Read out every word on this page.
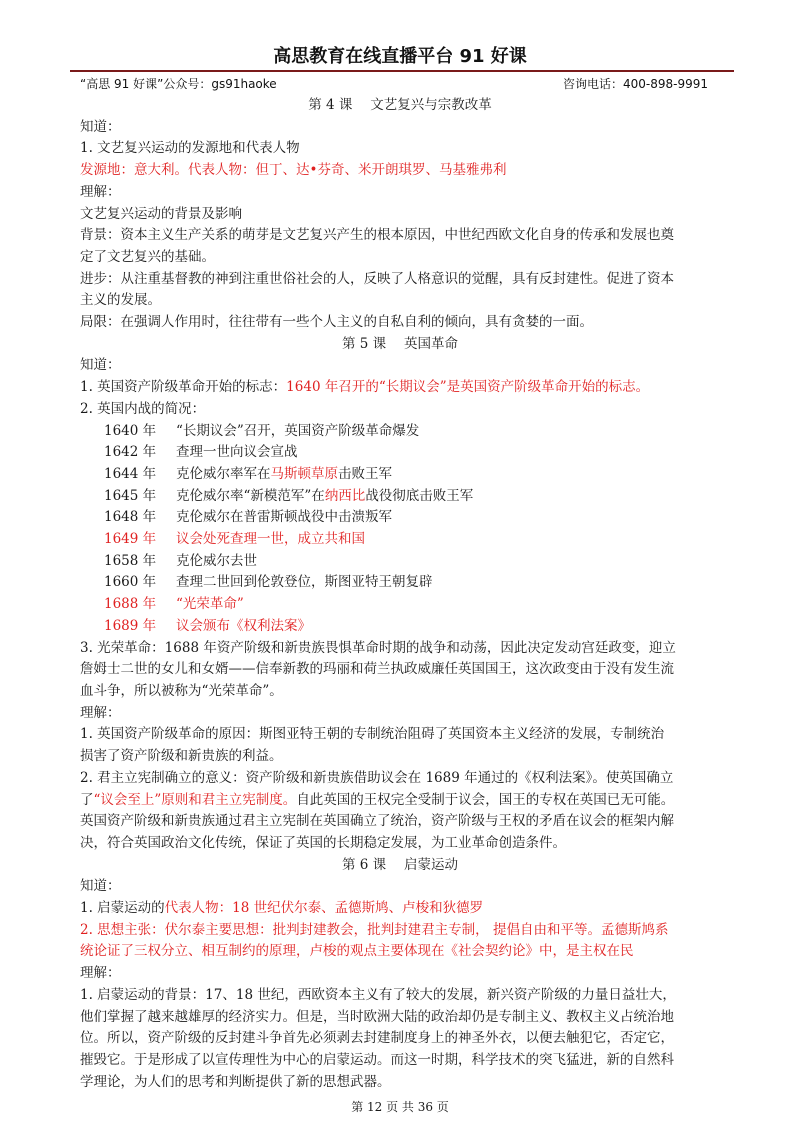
高思教育在线直播平台 91 好课
“高思 91 好课”公众号：gs91haoke	咨询电话：400-898-9991

第 4 课　 文艺复兴与宗教改革

知道：

1. 文艺复兴运动的发源地和代表人物

发源地：意大利。代表人物：但丁、达•芬奇、米开朗琪罗、马基雅弗利

理解：

文艺复兴运动的背景及影响

背景：资本主义生产关系的萌芽是文艺复兴产生的根本原因，中世纪西欧文化自身的传承和发展也奠

定了文艺复兴的基础。

进步：从注重基督教的神到注重世俗社会的人，反映了人格意识的觉醒，具有反封建性。促进了资本

主义的发展。

局限：在强调人作用时，往往带有一些个人主义的自私自利的倾向，具有贪婪的一面。

第 5 课　 英国革命

知道：

1. 英国资产阶级革命开始的标志：1640 年召开的“长期议会”是英国资产阶级革命开始的标志。

2. 英国内战的简况：

1640 年	“长期议会”召开，英国资产阶级革命爆发
1642 年	查理一世向议会宣战
1644 年	克伦威尔率军在马斯顿草原击败王军
1645 年	克伦威尔率“新模范军”在纳西比战役彻底击败王军
1648 年	克伦威尔在普雷斯顿战役中击溃叛军
1649 年	议会处死查理一世，成立共和国
1658 年	克伦威尔去世
1660 年	查理二世回到伦敦登位，斯图亚特王朝复辟
1688 年	“光荣革命”
1689 年	议会颁布《权利法案》

3. 光荣革命：1688 年资产阶级和新贵族畏惧革命时期的战争和动荡，因此决定发动宫廷政变，迎立

詹姆士二世的女儿和女婿——信奉新教的玛丽和荷兰执政威廉任英国国王，这次政变由于没有发生流

血斗争，所以被称为“光荣革命”。

理解：

1. 英国资产阶级革命的原因：斯图亚特王朝的专制统治阻碍了英国资本主义经济的发展，专制统治

损害了资产阶级和新贵族的利益。

2. 君主立宪制确立的意义：资产阶级和新贵族借助议会在 1689 年通过的《权利法案》。使英国确立

了“议会至上”原则和君主立宪制度。自此英国的王权完全受制于议会，国王的专权在英国已无可能。

英国资产阶级和新贵族通过君主立宪制在英国确立了统治，资产阶级与王权的矛盾在议会的框架内解

决，符合英国政治文化传统，保证了英国的长期稳定发展，为工业革命创造条件。

第 6 课　 启蒙运动

知道：

1. 启蒙运动的代表人物：18 世纪伏尔泰、孟德斯鸠、卢梭和狄德罗

2. 思想主张：伏尔泰主要思想：批判封建教会，批判封建君主专制， 提倡自由和平等。孟德斯鸠系

统论证了三权分立、相互制约的原理，卢梭的观点主要体现在《社会契约论》中，是主权在民

理解：

1. 启蒙运动的背景：17、18 世纪，西欧资本主义有了较大的发展，新兴资产阶级的力量日益壮大，

他们掌握了越来越雄厚的经济实力。但是，当时欧洲大陆的政治却仍是专制主义、教权主义占统治地

位。所以，资产阶级的反封建斗争首先必须剥去封建制度身上的神圣外衣，以便去触犯它，否定它，

摧毁它。于是形成了以宣传理性为中心的启蒙运动。而这一时期，科学技术的突飞猛进，新的自然科

学理论，为人们的思考和判断提供了新的思想武器。

第 12 页 共 36 页
